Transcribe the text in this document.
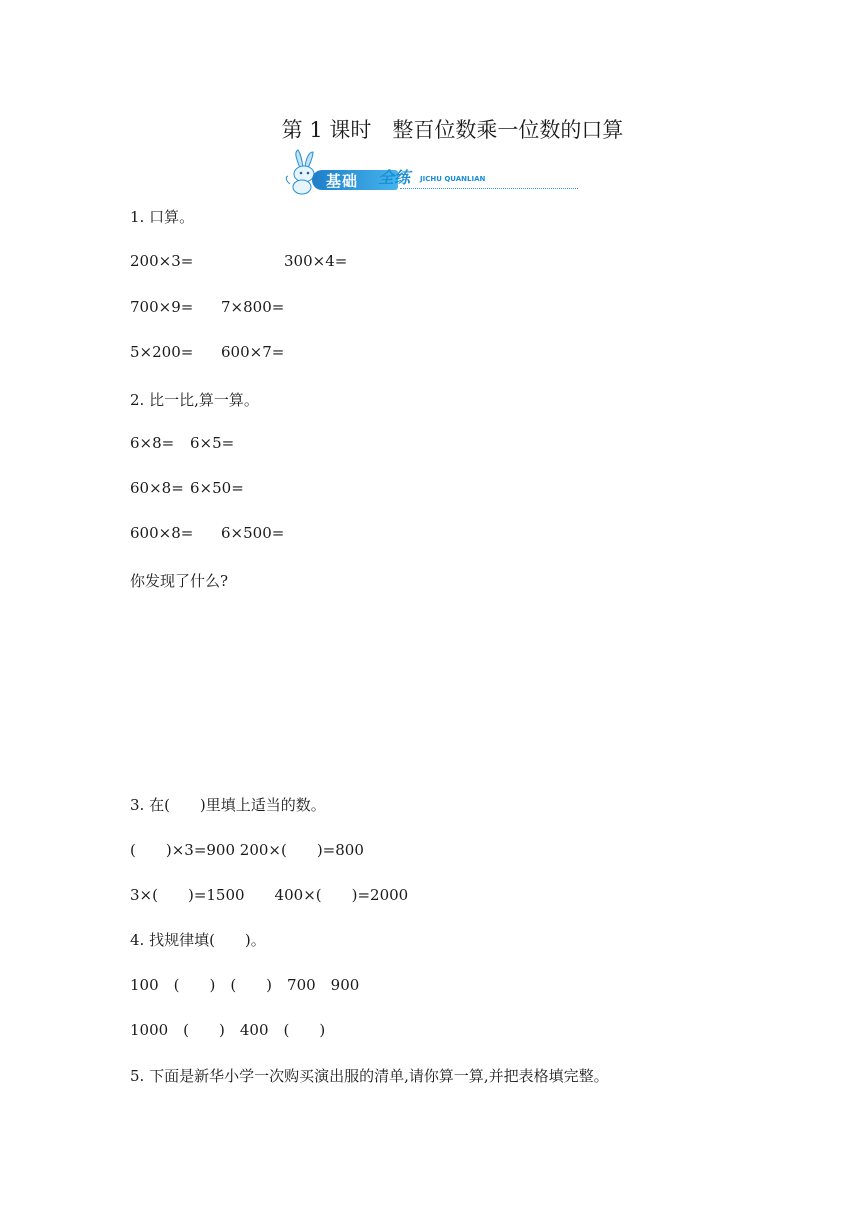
第 1 课时　整百位数乘一位数的口算
基础 全练 JICHU QUANLIAN
1. 口算。
200×3=	300×4=
700×9= 7×800=
5×200= 600×7=
2. 比一比,算一算。
6×8= 6×5=
60×8= 6×50=
600×8= 6×500=
你发现了什么?
3. 在(　　)里填上适当的数。
(　　)×3=900 200×(　　)=800
3×(　　)=1500　　400×(　　)=2000
4. 找规律填(　　)。
100　(　　)　(　　)　700　900
1000　(　　)　400　(　　)
5. 下面是新华小学一次购买演出服的清单,请你算一算,并把表格填完整。
